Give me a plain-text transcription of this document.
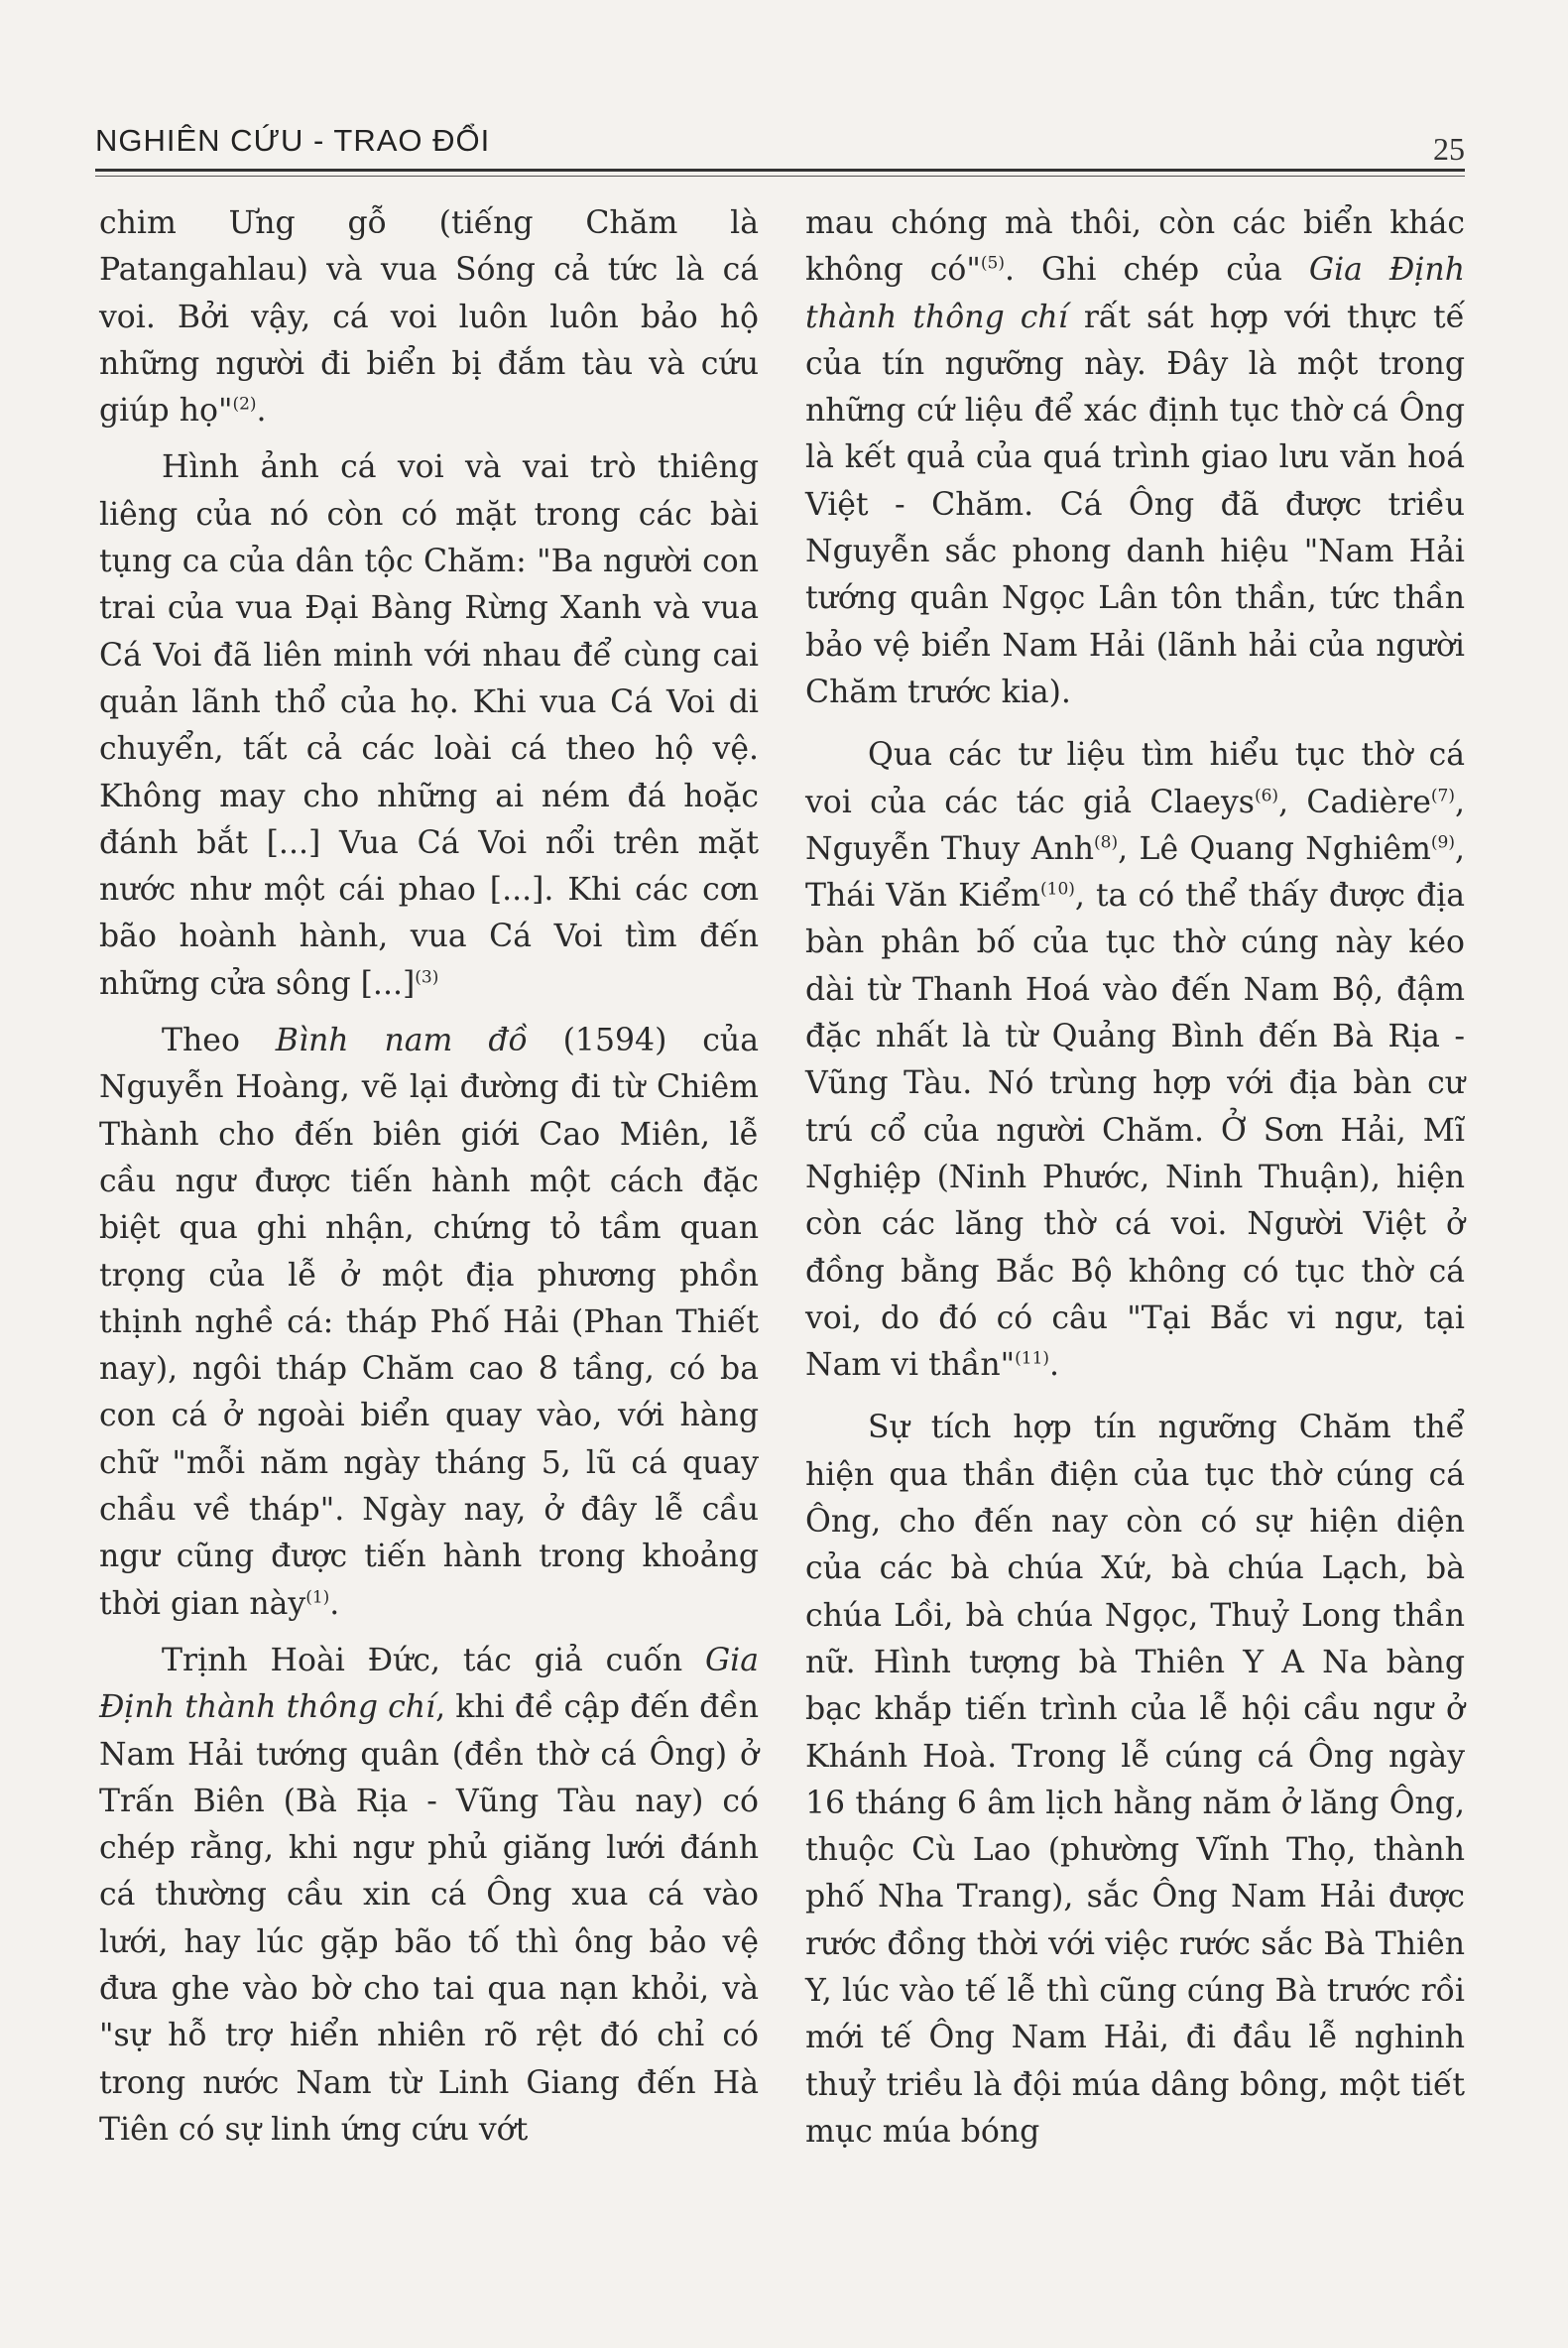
NGHIÊN CỨU - TRAO ĐỔI	25

chim Ưng gỗ (tiếng Chăm là Patangahlau) và vua Sóng cả tức là cá voi. Bởi vậy, cá voi luôn luôn bảo hộ những người đi biển bị đắm tàu và cứu giúp họ"$^{(2)}$.

Hình ảnh cá voi và vai trò thiêng liêng của nó còn có mặt trong các bài tụng ca của dân tộc Chăm: "Ba người con trai của vua Đại Bàng Rừng Xanh và vua Cá Voi đã liên minh với nhau để cùng cai quản lãnh thổ của họ. Khi vua Cá Voi di chuyển, tất cả các loài cá theo hộ vệ. Không may cho những ai ném đá hoặc đánh bắt [...] Vua Cá Voi nổi trên mặt nước như một cái phao [...]. Khi các cơn bão hoành hành, vua Cá Voi tìm đến những cửa sông [...]$^{(3)}$

Theo Bình nam đồ (1594) của Nguyễn Hoàng, vẽ lại đường đi từ Chiêm Thành cho đến biên giới Cao Miên, lễ cầu ngư được tiến hành một cách đặc biệt qua ghi nhận, chứng tỏ tầm quan trọng của lễ ở một địa phương phồn thịnh nghề cá: tháp Phố Hải (Phan Thiết nay), ngôi tháp Chăm cao 8 tầng, có ba con cá ở ngoài biển quay vào, với hàng chữ "mỗi năm ngày tháng 5, lũ cá quay chầu về tháp". Ngày nay, ở đây lễ cầu ngư cũng được tiến hành trong khoảng thời gian này$^{(1)}$.

Trịnh Hoài Đức, tác giả cuốn Gia Định thành thông chí, khi đề cập đến đền Nam Hải tướng quân (đền thờ cá Ông) ở Trấn Biên (Bà Rịa - Vũng Tàu nay) có chép rằng, khi ngư phủ giăng lưới đánh cá thường cầu xin cá Ông xua cá vào lưới, hay lúc gặp bão tố thì ông bảo vệ đưa ghe vào bờ cho tai qua nạn khỏi, và "sự hỗ trợ hiển nhiên rõ rệt đó chỉ có trong nước Nam từ Linh Giang đến Hà Tiên có sự linh ứng cứu vớt

mau chóng mà thôi, còn các biển khác không có"$^{(5)}$. Ghi chép của Gia Định thành thông chí rất sát hợp với thực tế của tín ngưỡng này. Đây là một trong những cứ liệu để xác định tục thờ cá Ông là kết quả của quá trình giao lưu văn hoá Việt - Chăm. Cá Ông đã được triều Nguyễn sắc phong danh hiệu "Nam Hải tướng quân Ngọc Lân tôn thần, tức thần bảo vệ biển Nam Hải (lãnh hải của người Chăm trước kia).

Qua các tư liệu tìm hiểu tục thờ cá voi của các tác giả Claeys$^{(6)}$, Cadière$^{(7)}$, Nguyễn Thuy Anh$^{(8)}$, Lê Quang Nghiêm$^{(9)}$, Thái Văn Kiểm$^{(10)}$, ta có thể thấy được địa bàn phân bố của tục thờ cúng này kéo dài từ Thanh Hoá vào đến Nam Bộ, đậm đặc nhất là từ Quảng Bình đến Bà Rịa - Vũng Tàu. Nó trùng hợp với địa bàn cư trú cổ của người Chăm. Ở Sơn Hải, Mĩ Nghiệp (Ninh Phước, Ninh Thuận), hiện còn các lăng thờ cá voi. Người Việt ở đồng bằng Bắc Bộ không có tục thờ cá voi, do đó có câu "Tại Bắc vi ngư, tại Nam vi thần"$^{(11)}$.

Sự tích hợp tín ngưỡng Chăm thể hiện qua thần điện của tục thờ cúng cá Ông, cho đến nay còn có sự hiện diện của các bà chúa Xứ, bà chúa Lạch, bà chúa Lồi, bà chúa Ngọc, Thuỷ Long thần nữ. Hình tượng bà Thiên Y A Na bàng bạc khắp tiến trình của lễ hội cầu ngư ở Khánh Hoà. Trong lễ cúng cá Ông ngày 16 tháng 6 âm lịch hằng năm ở lăng Ông, thuộc Cù Lao (phường Vĩnh Thọ, thành phố Nha Trang), sắc Ông Nam Hải được rước đồng thời với việc rước sắc Bà Thiên Y, lúc vào tế lễ thì cũng cúng Bà trước rồi mới tế Ông Nam Hải, đi đầu lễ nghinh thuỷ triều là đội múa dâng bông, một tiết mục múa bóng
